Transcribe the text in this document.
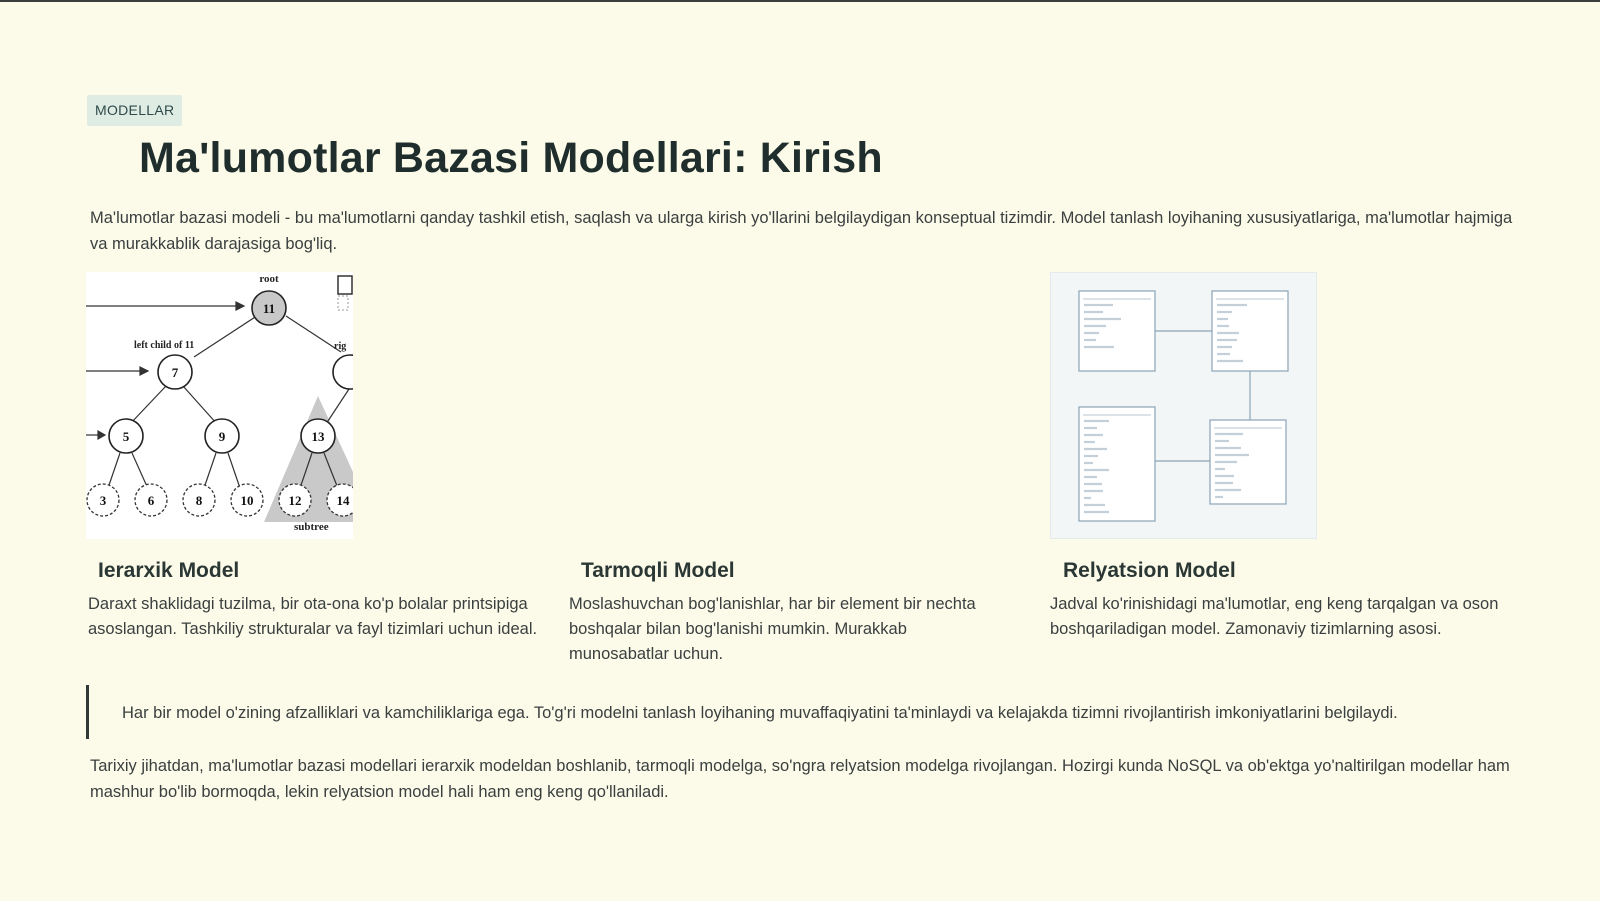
MODELLAR
Ma'lumotlar Bazasi Modellari: Kirish

Ma'lumotlar bazasi modeli - bu ma'lumotlarni qanday tashkil etish, saqlash va ularga kirish yo'llarini belgilaydigan konseptual tizimdir. Model tanlash loyihaning xususiyatlariga, ma'lumotlar hajmiga va murakkablik darajasiga bog'liq.

root
left child of 11	rig
subtree
11
7
5	9	13
3	6	8	10	12	14
Ierarxik Model

Daraxt shaklidagi tuzilma, bir ota-ona ko'p bolalar printsipiga asoslangan. Tashkiliy strukturalar va fayl tizimlari uchun ideal.

Tarmoqli Model

Moslashuvchan bog'lanishlar, har bir element bir nechta boshqalar bilan bog'lanishi mumkin. Murakkab munosabatlar uchun.

Relyatsion Model

Jadval ko'rinishidagi ma'lumotlar, eng keng tarqalgan va oson boshqariladigan model. Zamonaviy tizimlarning asosi.

Har bir model o'zining afzalliklari va kamchiliklariga ega. To'g'ri modelni tanlash loyihaning muvaffaqiyatini ta'minlaydi va kelajakda tizimni rivojlantirish imkoniyatlarini belgilaydi.

Tarixiy jihatdan, ma'lumotlar bazasi modellari ierarxik modeldan boshlanib, tarmoqli modelga, so'ngra relyatsion modelga rivojlangan. Hozirgi kunda NoSQL va ob'ektga yo'naltirilgan modellar ham mashhur bo'lib bormoqda, lekin relyatsion model hali ham eng keng qo'llaniladi.
